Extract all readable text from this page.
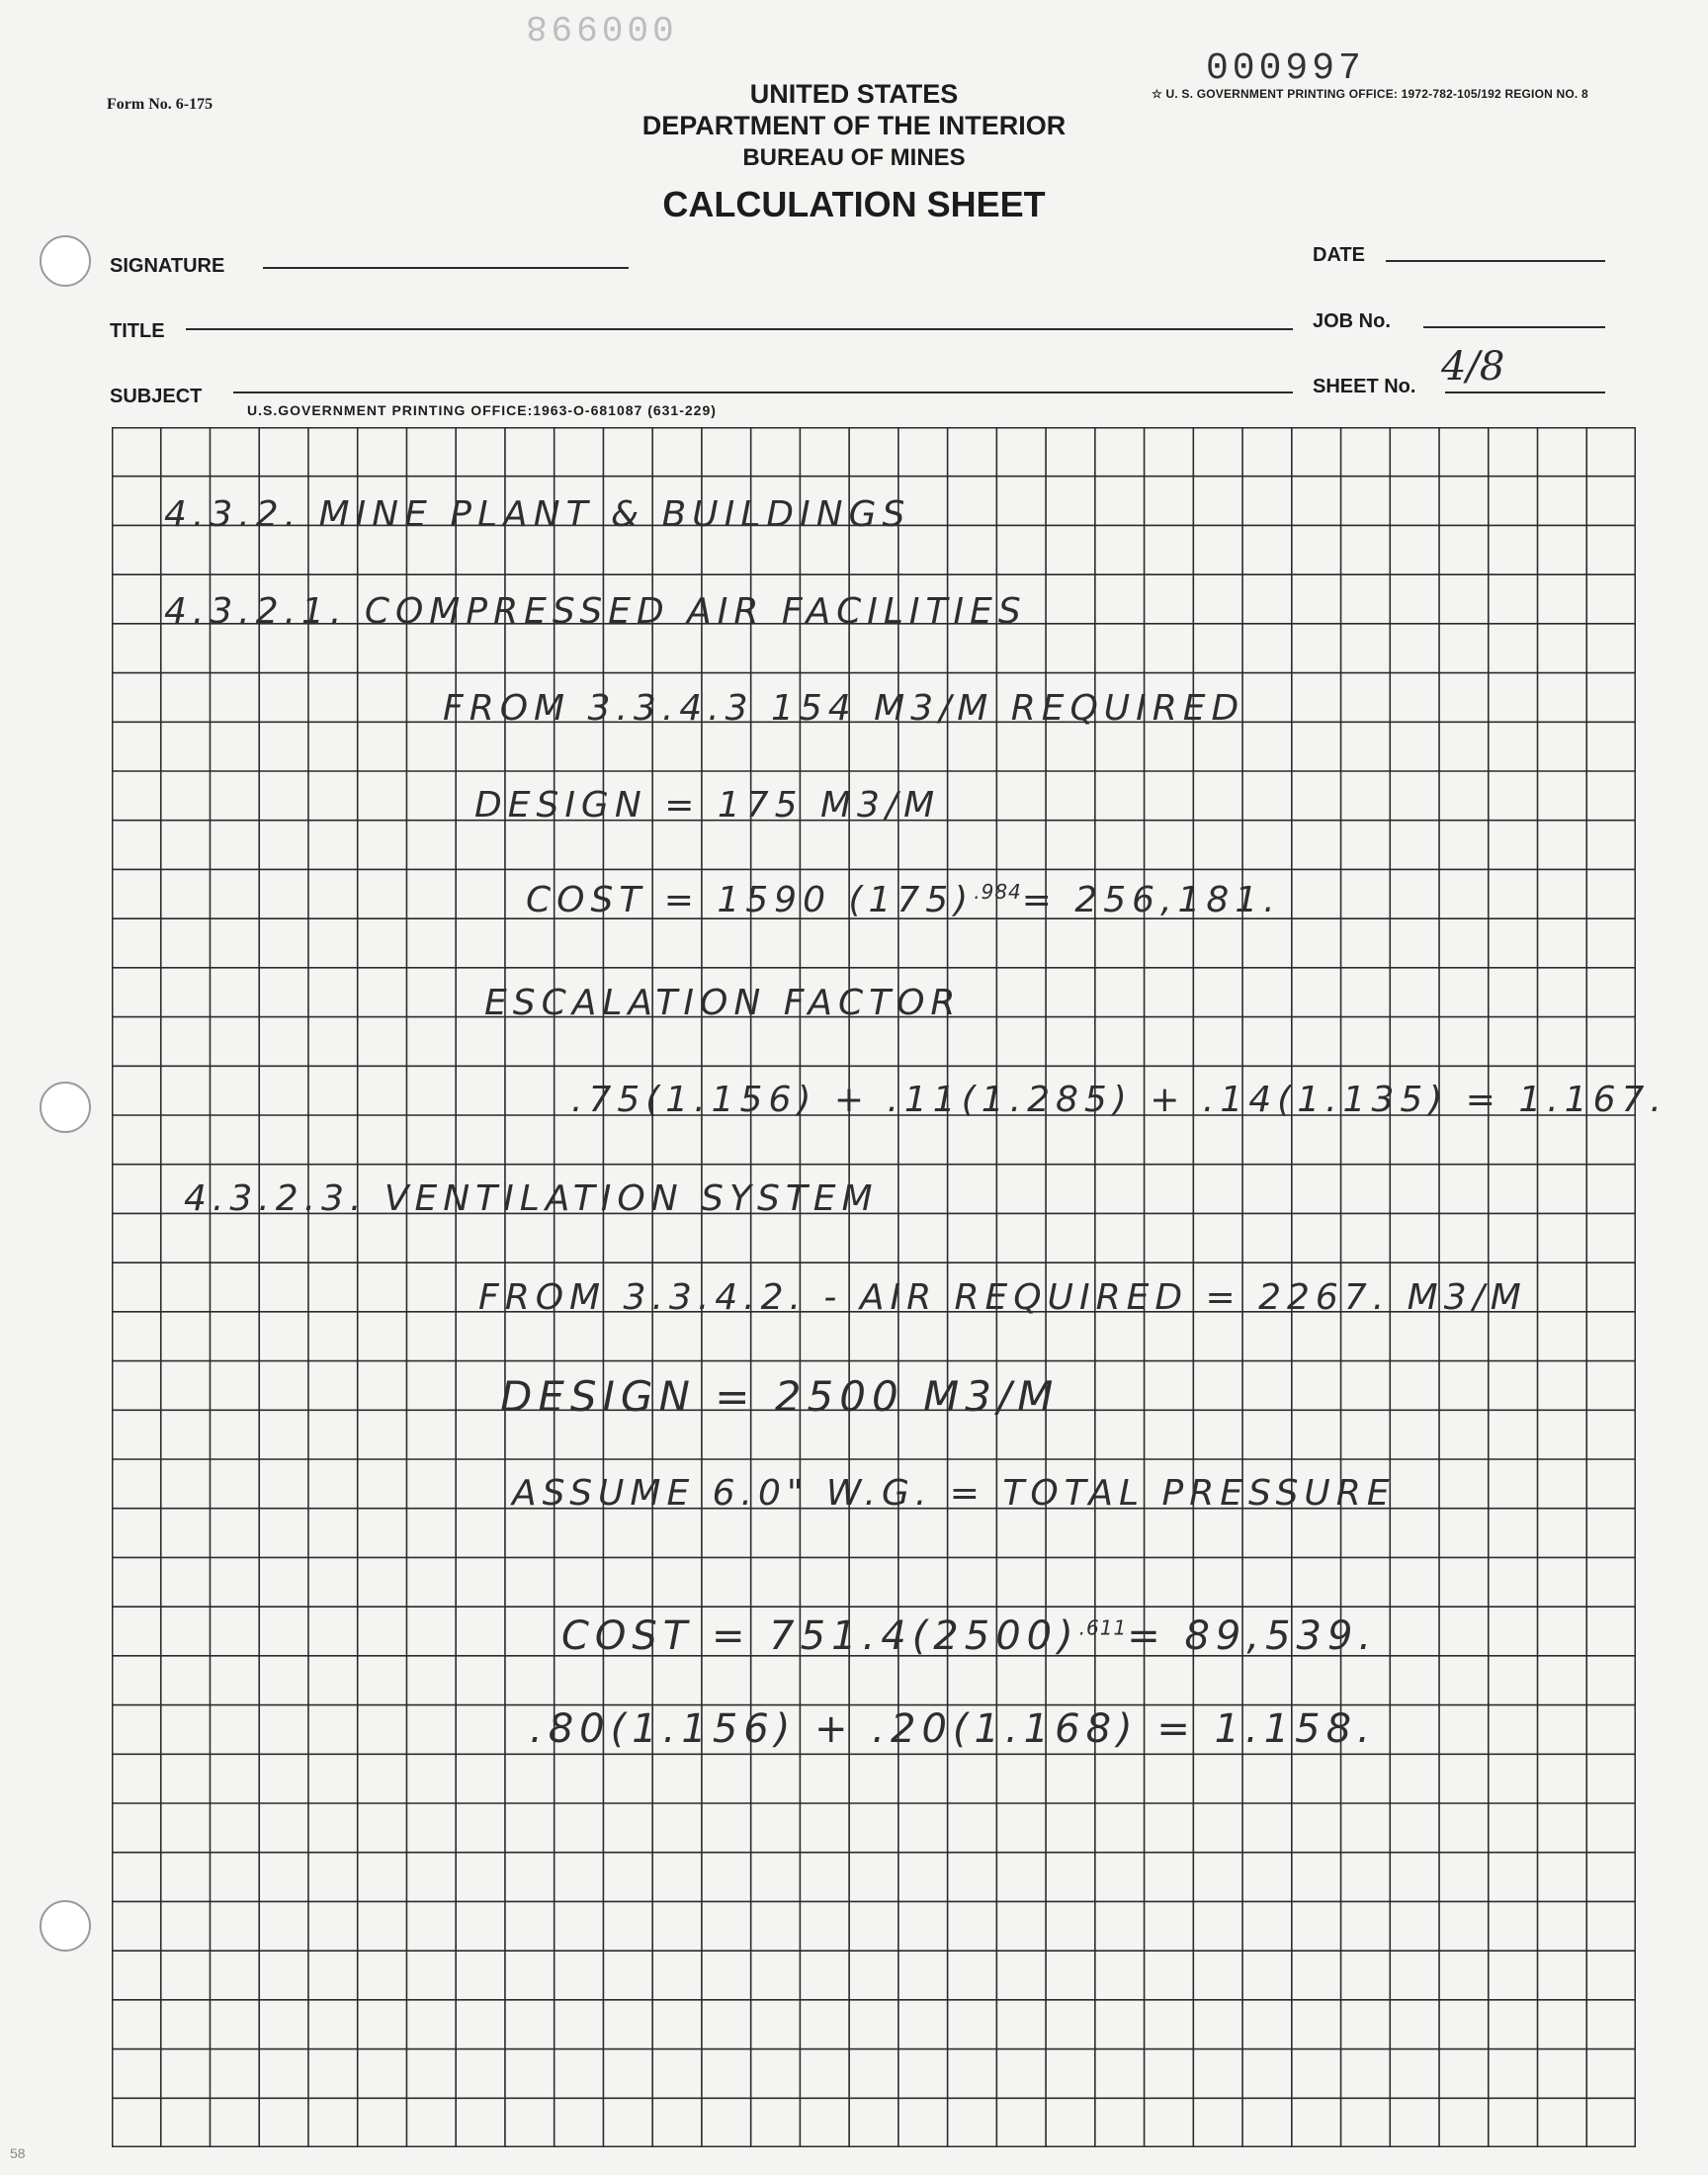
Form No. 6-175
000998
000997
☆ U. S. GOVERNMENT PRINTING OFFICE: 1972-782-105/192 REGION NO. 8
UNITED STATES
DEPARTMENT OF THE INTERIOR
BUREAU OF MINES
CALCULATION SHEET
SIGNATURE	DATE
TITLE	JOB No.
SUBJECT	SHEET No. 4/8
U.S.GOVERNMENT PRINTING OFFICE:1963-O-681087 (631-229)
4.3.2. MINE PLANT & BUILDINGS
4.3.2.1. COMPRESSED AIR FACILITIES
FROM 3.3.4.3 154 M3/M REQUIRED
DESIGN = 175 M3/M
COST = 1590 $(175)^{.984}= 256,181$.
ESCALATION FACTOR
.75(1.156) + .11(1.285) + .14(1.135) = 1.167.
4.3.2.3. VENTILATION SYSTEM
FROM 3.3.4.2. - AIR REQUIRED = 2267. M3/M
DESIGN = 2500 M3/M
ASSUME 6.0" W.G. = TOTAL PRESSURE
COST = $751.4(2500)^{.611}= 89,539$.
.80(1.156) + .20(1.168) = 1.158.
58
